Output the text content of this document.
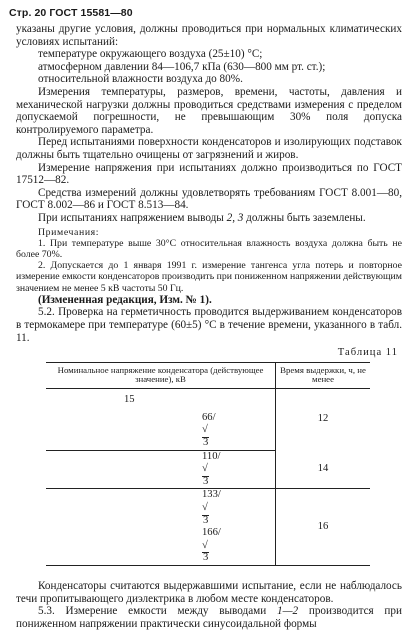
Стр. 20 ГОСТ 15581—80

указаны другие условия, должны проводиться при нормальных климатических условиях испытаний:

температуре окружающего воздуха (25±10) °С;

атмосферном давлении 84—106,7 кПа (630—800 мм рт. ст.);

относительной влажности воздуха до 80%.

Измерения температуры, размеров, времени, частоты, давления и механической нагрузки должны проводиться средствами измерения с пределом допускаемой погрешности, не превышающим 30% поля допуска контролируемого параметра.

Перед испытаниями поверхности конденсаторов и изолирующих подставок должны быть тщательно очищены от загрязнений и жиров.

Измерение напряжения при испытаниях должно производиться по ГОСТ 17512—82.

Средства измерений должны удовлетворять требованиям ГОСТ 8.001—80, ГОСТ 8.002—86 и ГОСТ 8.513—84.

При испытаниях напряжением выводы 2, 3 должны быть заземлены.

Примечания:

1. При температуре выше 30°С относительная влажность воздуха должна быть не более 70%.

2. Допускается до 1 января 1991 г. измерение тангенса угла потерь и повторное измерение емкости конденсаторов производить при пониженном напряжении действующим значением не менее 5 кВ частоты 50 Гц.

(Измененная редакция, Изм. № 1).

5.2. Проверка на герметичность проводится выдерживанием конденсаторов в термокамере при температуре (60±5) °С в течение времени, указанного в табл. 11.

Таблица 11
Номинальное напряжение конденсатора (действующее значение), кВ	Время выдержки, ч, не менее
15	12
66/√3	
110/√3	14
133/√3	16
166/√3	

Конденсаторы считаются выдержавшими испытание, если не наблюдалось течи пропитывающего диэлектрика в любом месте конденсаторов.

5.3. Измерение емкости между выводами 1—2 производится при пониженном напряжении практически синусоидальной формы
